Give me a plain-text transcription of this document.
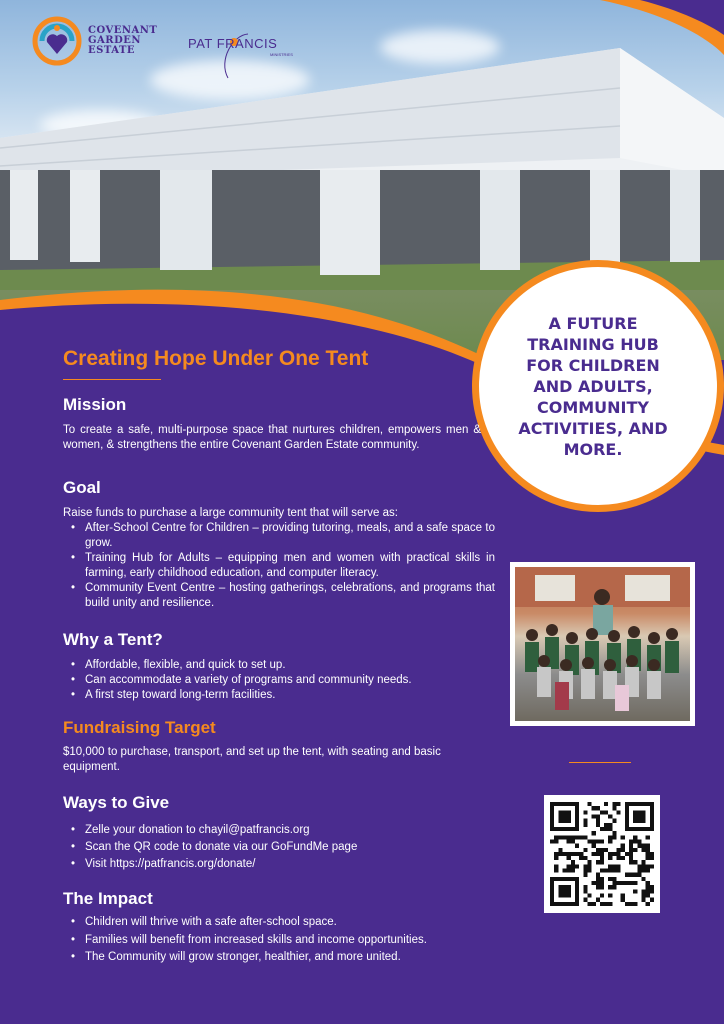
COVENANT
GARDEN
ESTATE	PAT FRANCIS
MINISTRIES

A FUTURE TRAINING HUB FOR CHILDREN AND ADULTS, COMMUNITY ACTIVITIES, AND MORE.

Creating Hope Under One Tent
Mission
To create a safe, multi-purpose space that nurtures children, empowers men & women, & strengthens the entire Covenant Garden Estate community.
Goal
Raise funds to purchase a large community tent that will serve as:
• After-School Centre for Children – providing tutoring, meals, and a safe space to grow.
• Training Hub for Adults – equipping men and women with practical skills in farming, early childhood education, and computer literacy.
• Community Event Centre – hosting gatherings, celebrations, and programs that build unity and resilience.
Why a Tent?
• Affordable, flexible, and quick to set up.
• Can accommodate a variety of programs and community needs.
• A first step toward long-term facilities.
Fundraising Target
$10,000 to purchase, transport, and set up the tent, with seating and basic equipment.
Ways to Give
• Zelle your donation to chayil@patfrancis.org
• Scan the QR code to donate via our GoFundMe page
• Visit https://patfrancis.org/donate/
The Impact
• Children will thrive with a safe after-school space.
• Families will benefit from increased skills and income opportunities.
• The Community will grow stronger, healthier, and more united.
